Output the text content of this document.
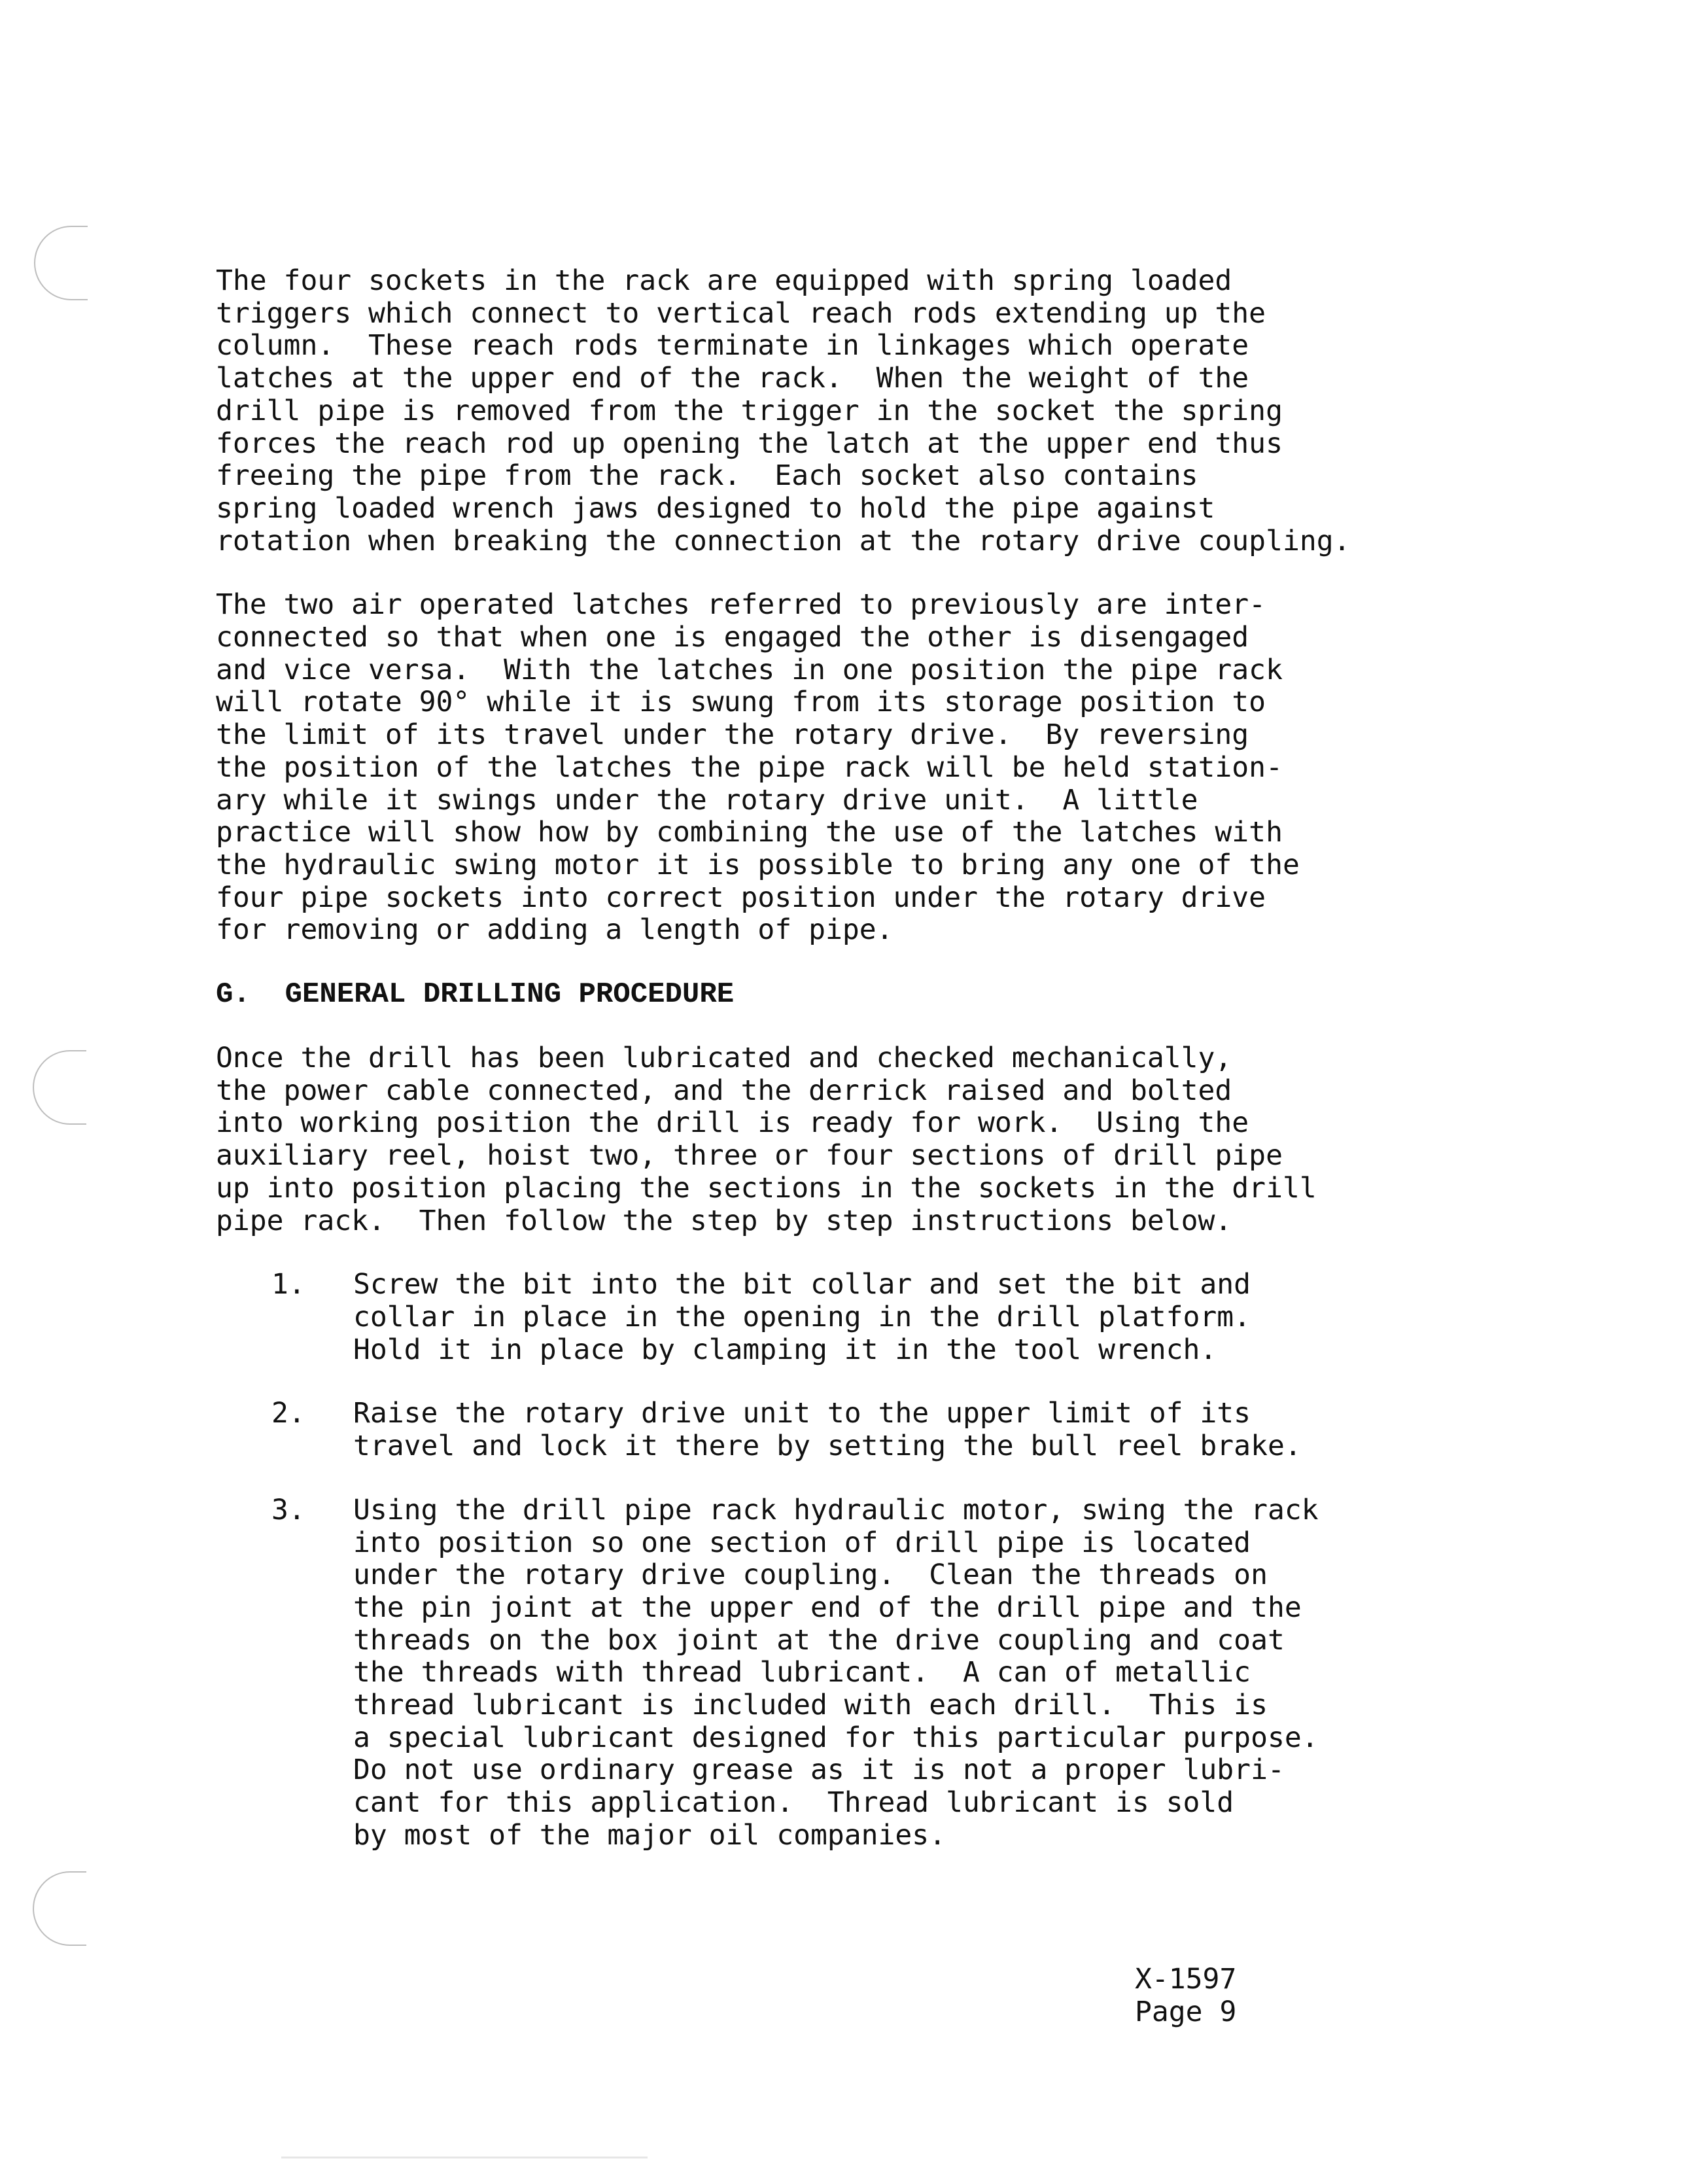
The four sockets in the rack are equipped with spring loaded
triggers which connect to vertical reach rods extending up the
column.  These reach rods terminate in linkages which operate
latches at the upper end of the rack.  When the weight of the
drill pipe is removed from the trigger in the socket the spring
forces the reach rod up opening the latch at the upper end thus
freeing the pipe from the rack.  Each socket also contains
spring loaded wrench jaws designed to hold the pipe against
rotation when breaking the connection at the rotary drive coupling.

The two air operated latches referred to previously are inter-
connected so that when one is engaged the other is disengaged
and vice versa.  With the latches in one position the pipe rack
will rotate 90° while it is swung from its storage position to
the limit of its travel under the rotary drive.  By reversing
the position of the latches the pipe rack will be held station-
ary while it swings under the rotary drive unit.  A little
practice will show how by combining the use of the latches with
the hydraulic swing motor it is possible to bring any one of the
four pipe sockets into correct position under the rotary drive
for removing or adding a length of pipe.

G.  GENERAL DRILLING PROCEDURE

Once the drill has been lubricated and checked mechanically,
the power cable connected, and the derrick raised and bolted
into working position the drill is ready for work.  Using the
auxiliary reel, hoist two, three or four sections of drill pipe
up into position placing the sections in the sockets in the drill
pipe rack.  Then follow the step by step instructions below.

1.	Screw the bit into the bit collar and set the bit and
collar in place in the opening in the drill platform.
Hold it in place by clamping it in the tool wrench.
2.	Raise the rotary drive unit to the upper limit of its
travel and lock it there by setting the bull reel brake.
3.	Using the drill pipe rack hydraulic motor, swing the rack
into position so one section of drill pipe is located
under the rotary drive coupling.  Clean the threads on
the pin joint at the upper end of the drill pipe and the
threads on the box joint at the drive coupling and coat
the threads with thread lubricant.  A can of metallic
thread lubricant is included with each drill.  This is
a special lubricant designed for this particular purpose.
Do not use ordinary grease as it is not a proper lubri-
cant for this application.  Thread lubricant is sold
by most of the major oil companies.
X-1597
Page 9
